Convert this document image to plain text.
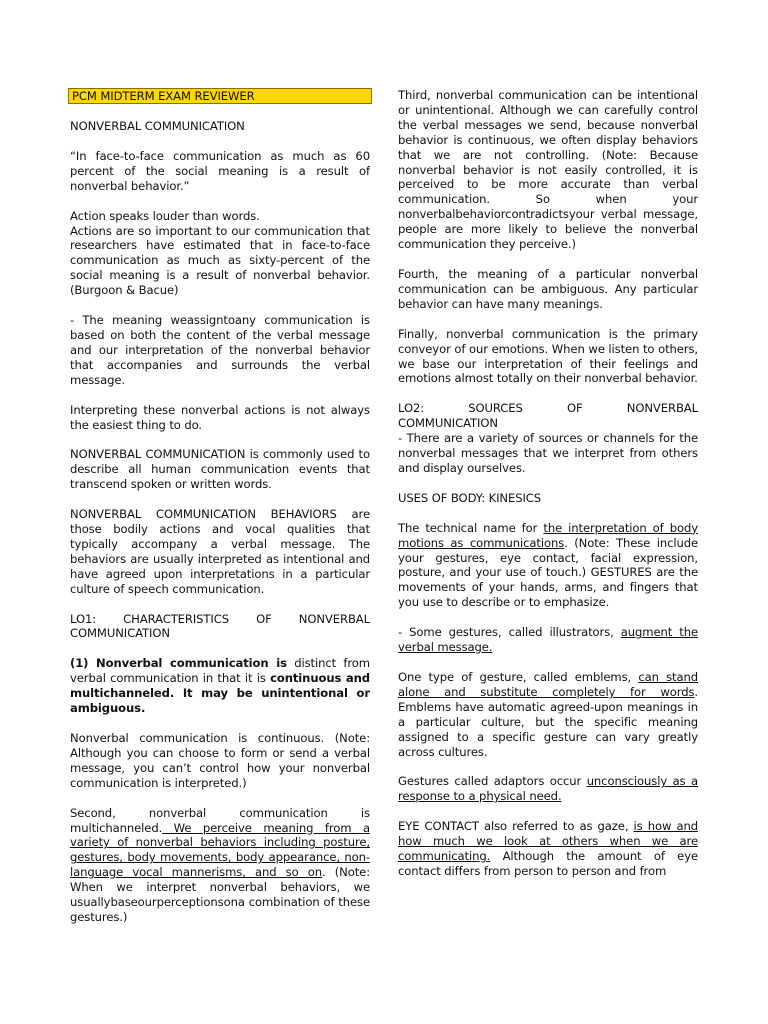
PCM MIDTERM EXAM REVIEWER

NONVERBAL COMMUNICATION

“In face-to-face communication as much as 60 percent of the social meaning is a result of nonverbal behavior.”

Action speaks louder than words.
Actions are so important to our communication that researchers have estimated that in face-to-face communication as much as sixty-percent of the social meaning is a result of nonverbal behavior. (Burgoon & Bacue)

- The meaning weassigntoany communication is based on both the content of the verbal message and our interpretation of the nonverbal behavior that accompanies and surrounds the verbal message.

Interpreting these nonverbal actions is not always the easiest thing to do.

NONVERBAL COMMUNICATION is commonly used to describe all human communication events that transcend spoken or written words.

NONVERBAL COMMUNICATION BEHAVIORS are those bodily actions and vocal qualities that typically accompany a verbal message. The behaviors are usually interpreted as intentional and have agreed upon interpretations in a particular culture of speech communication.

LO1: CHARACTERISTICS OF NONVERBAL
COMMUNICATION

(1) Nonverbal communication is distinct from verbal communication in that it is continuous and multichanneled. It may be unintentional or ambiguous.

Nonverbal communication is continuous. (Note: Although you can choose to form or send a verbal message, you can’t control how your nonverbal communication is interpreted.)

Second, nonverbal communication is multichanneled. We perceive meaning from a variety of nonverbal behaviors including posture, gestures, body movements, body appearance, non-language vocal mannerisms, and so on. (Note: When we interpret nonverbal behaviors, we usuallybaseourperceptionsona combination of these gestures.)

Third, nonverbal communication can be intentional or unintentional. Although we can carefully control the verbal messages we send, because nonverbal behavior is continuous, we often display behaviors that we are not controlling. (Note: Because nonverbal behavior is not easily controlled, it is perceived to be more accurate than verbal communication. So when your nonverbalbehaviorcontradictsyour verbal message, people are more likely to believe the nonverbal communication they perceive.)

Fourth, the meaning of a particular nonverbal communication can be ambiguous. Any particular behavior can have many meanings.

Finally, nonverbal communication is the primary conveyor of our emotions. When we listen to others, we base our interpretation of their feelings and emotions almost totally on their nonverbal behavior.

LO2:	SOURCES	OF	NONVERBAL
COMMUNICATION
- There are a variety of sources or channels for the nonverbal messages that we interpret from others and display ourselves.

USES OF BODY: KINESICS

The technical name for the interpretation of body motions as communications. (Note: These include your gestures, eye contact, facial expression, posture, and your use of touch.) GESTURES are the movements of your hands, arms, and fingers that you use to describe or to emphasize.

- Some gestures, called illustrators, augment the verbal message.

One type of gesture, called emblems, can stand alone and substitute completely for words. Emblems have automatic agreed-upon meanings in a particular culture, but the specific meaning assigned to a specific gesture can vary greatly across cultures.

Gestures called adaptors occur unconsciously as a response to a physical need.

EYE CONTACT also referred to as gaze, is how and how much we look at others when we are communicating. Although the amount of eye contact differs from person to person and from
